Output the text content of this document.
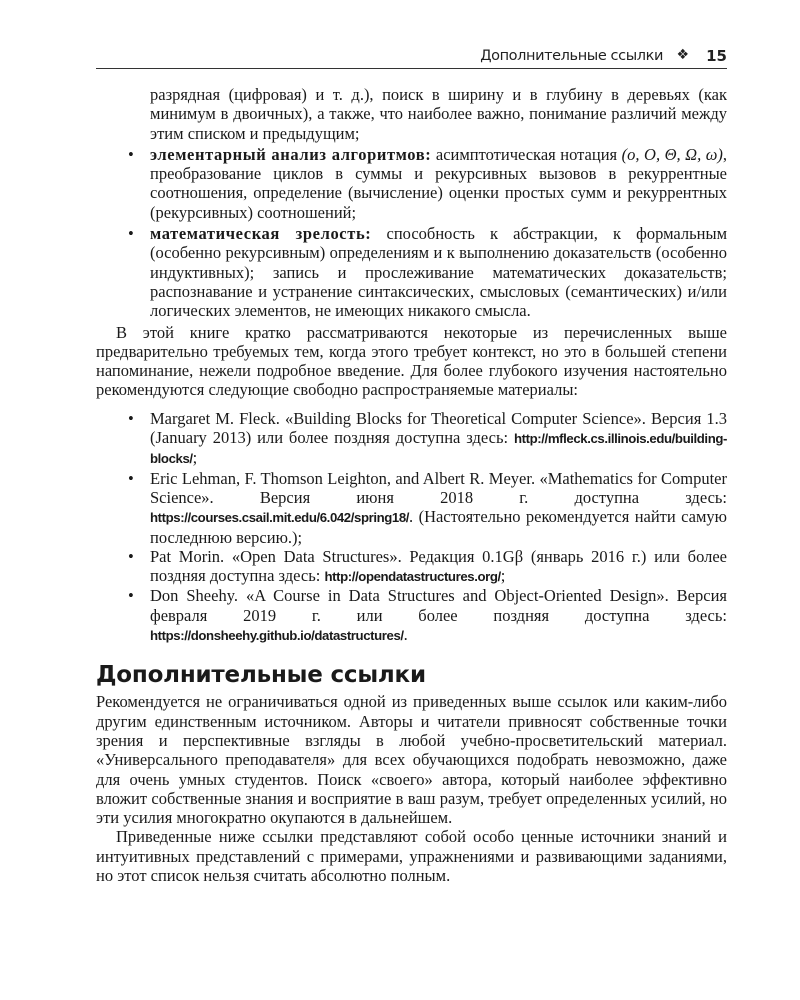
Дополнительные ссылки ❖ 15

разрядная (цифровая) и т. д.), поиск в ширину и в глубину в деревьях (как минимум в двоичных), а также, что наиболее важно, понимание различий между этим списком и предыдущим;

• элементарный анализ алгоритмов: асимптотическая нотация (o, O, Θ, Ω, ω), преобразование циклов в суммы и рекурсивных вызовов в рекуррентные соотношения, определение (вычисление) оценки простых сумм и рекуррентных (рекурсивных) соотношений;
• математическая зрелость: способность к абстракции, к формальным (особенно рекурсивным) определениям и к выполнению доказательств (особенно индуктивных); запись и прослеживание математических доказательств; распознавание и устранение синтаксических, смысловых (семантических) и/или логических элементов, не имеющих никакого смысла.

В этой книге кратко рассматриваются некоторые из перечисленных выше предварительно требуемых тем, когда этого требует контекст, но это в большей степени напоминание, нежели подробное введение. Для более глубокого изучения настоятельно рекомендуются следующие свободно распространяемые материалы:

• Margaret M. Fleck. «Building Blocks for Theoretical Computer Science». Версия 1.3 (January 2013) или более поздняя доступна здесь: http://mfleck.cs.illinois.edu/building-blocks/;
• Eric Lehman, F. Thomson Leighton, and Albert R. Meyer. «Mathematics for Computer Science». Версия июня 2018 г. доступна здесь: https://courses.csail.mit.edu/6.042/spring18/. (Настоятельно рекомендуется найти самую последнюю версию.);
• Pat Morin. «Open Data Structures». Редакция 0.1Gβ (январь 2016 г.) или более поздняя доступна здесь: http://opendatastructures.org/;
• Don Sheehy. «A Course in Data Structures and Object-Oriented Design». Версия февраля 2019 г. или более поздняя доступна здесь: https://donsheehy.github.io/datastructures/.
Дополнительные ссылки

Рекомендуется не ограничиваться одной из приведенных выше ссылок или каким-либо другим единственным источником. Авторы и читатели привносят собственные точки зрения и перспективные взгляды в любой учебно-просветительский материал. «Универсального преподавателя» для всех обучающихся подобрать невозможно, даже для очень умных студентов. Поиск «своего» автора, который наиболее эффективно вложит собственные знания и восприятие в ваш разум, требует определенных усилий, но эти усилия многократно окупаются в дальнейшем.

Приведенные ниже ссылки представляют собой особо ценные источники знаний и интуитивных представлений с примерами, упражнениями и развивающими заданиями, но этот список нельзя считать абсолютно полным.
